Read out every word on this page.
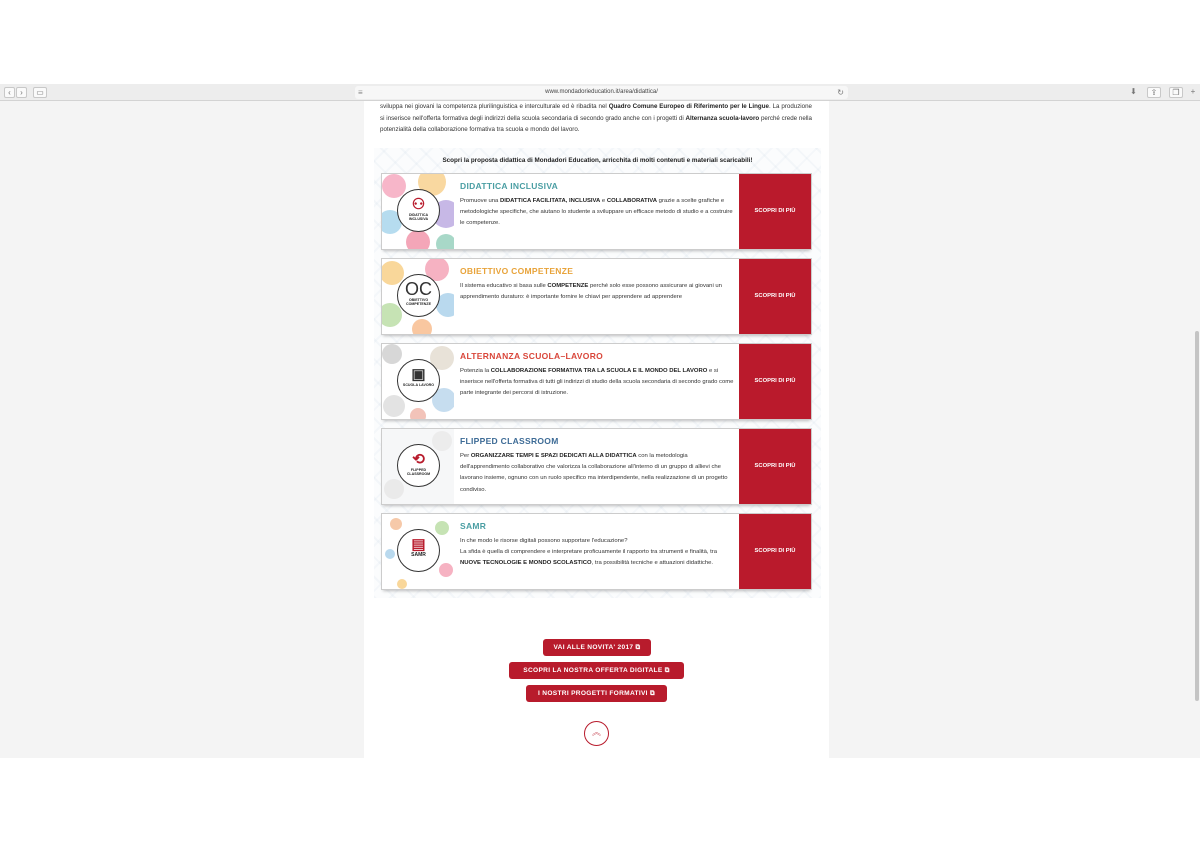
‹	›	▭	≡	www.mondadorieducation.it/area/didattica/	↻	⬇	⇪	❐	+

sviluppa nei giovani la competenza plurilinguistica e interculturale ed è ribadita nel Quadro Comune Europeo di Riferimento per le Lingue. La produzione si inserisce nell'offerta formativa degli indirizzi della scuola secondaria di secondo grado anche con i progetti di Alternanza scuola-lavoro perché crede nella potenzialità della collaborazione formativa tra scuola e mondo del lavoro.

Scopri la proposta didattica di Mondadori Education, arricchita di molti contenuti e materiali scaricabili!
⚇
DIDATTICA INCLUSIVA
DIDATTICA INCLUSIVA

Promuove una DIDATTICA FACILITATA, INCLUSIVA e COLLABORATIVA grazie a scelte grafiche e metodologiche specifiche, che aiutano lo studente a sviluppare un efficace metodo di studio e a costruire le competenze.

SCOPRI DI PIÙ
OC
OBIETTIVO COMPETENZE
OBIETTIVO COMPETENZE

Il sistema educativo si basa sulle COMPETENZE perché solo esse possono assicurare ai giovani un apprendimento duraturo: è importante fornire le chiavi per apprendere ad apprendere	SCOPRI DI PIÙ
▣
SCUOLA LAVORO
ALTERNANZA SCUOLA–LAVORO

Potenzia la COLLABORAZIONE FORMATIVA TRA LA SCUOLA E IL MONDO DEL LAVORO e si inserisce nell'offerta formativa di tutti gli indirizzi di studio della scuola secondaria di secondo grado come parte integrante dei percorsi di istruzione.

SCOPRI DI PIÙ
⟲
FLIPPED CLASSROOM
FLIPPED CLASSROOM

Per ORGANIZZARE TEMPI E SPAZI DEDICATI ALLA DIDATTICA con la metodologia dell'apprendimento collaborativo che valorizza la collaborazione all'interno di un gruppo di allievi che lavorano insieme, ognuno con un ruolo specifico ma interdipendente, nella realizzazione di un progetto condiviso.

SCOPRI DI PIÙ
▤
SAMR
SAMR

In che modo le risorse digitali possono supportare l'educazione?
La sfida è quella di comprendere e interpretare proficuamente il rapporto tra strumenti e finalità, tra NUOVE TECNOLOGIE E MONDO SCOLASTICO, tra possibilità tecniche e attuazioni didattiche.

SCOPRI DI PIÙ
VAI ALLE NOVITA' 2017 ⧉
SCOPRI LA NOSTRA OFFERTA DIGITALE ⧉
I NOSTRI PROGETTI FORMATIVI ⧉
︽
